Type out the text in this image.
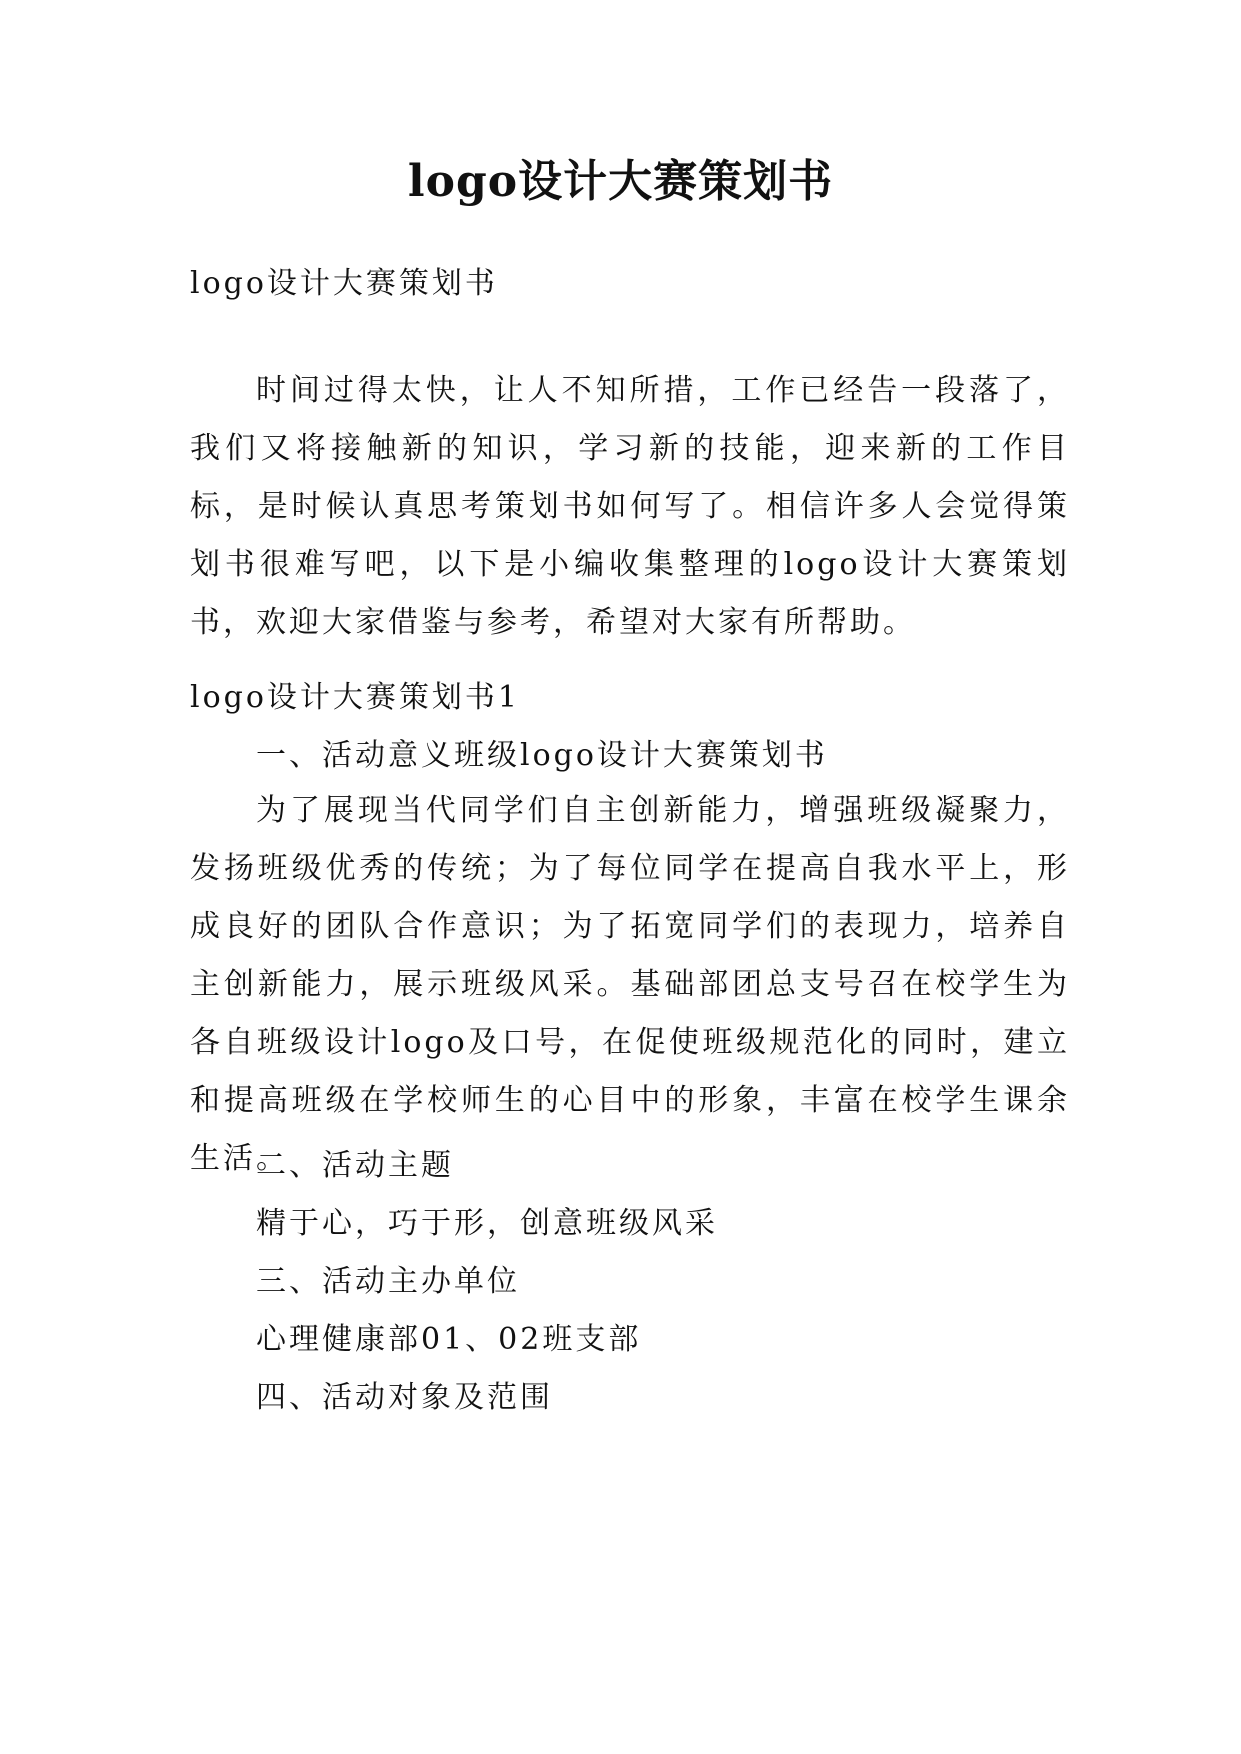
logo设计大赛策划书

logo设计大赛策划书

时间过得太快，让人不知所措，工作已经告一段落了，我们又将接触新的知识，学习新的技能，迎来新的工作目标，是时候认真思考策划书如何写了。相信许多人会觉得策划书很难写吧，以下是小编收集整理的logo设计大赛策划书，欢迎大家借鉴与参考，希望对大家有所帮助。

logo设计大赛策划书1

一、活动意义班级logo设计大赛策划书

为了展现当代同学们自主创新能力，增强班级凝聚力，发扬班级优秀的传统；为了每位同学在提高自我水平上，形成良好的团队合作意识；为了拓宽同学们的表现力，培养自主创新能力，展示班级风采。基础部团总支号召在校学生为各自班级设计logo及口号，在促使班级规范化的同时，建立和提高班级在学校师生的心目中的形象，丰富在校学生课余生活。

二、活动主题

精于心，巧于形，创意班级风采

三、活动主办单位

心理健康部01、02班支部

四、活动对象及范围
